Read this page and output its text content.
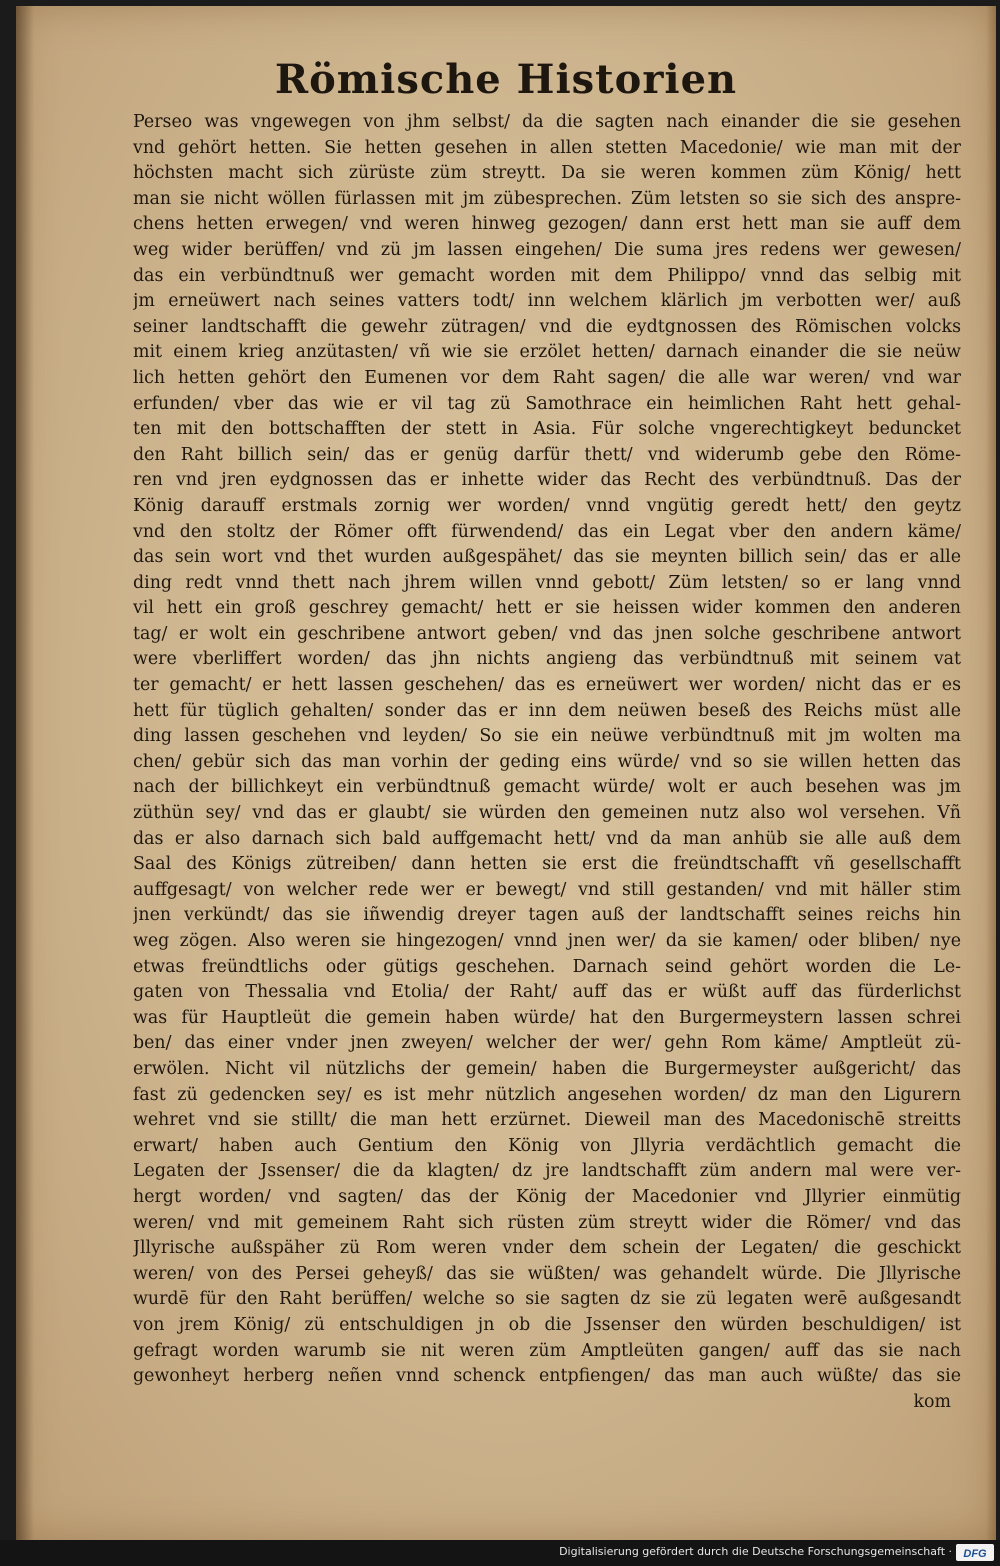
Römische Historien
Perseo was vngewegen von jhm selbst/ da die sagten nach einander die sie gesehen
vnd gehört hetten. Sie hetten gesehen in allen stetten Macedonie/ wie man mit der
höchsten macht sich zürüste züm streytt. Da sie weren kommen züm König/ hett
man sie nicht wöllen fürlassen mit jm zübesprechen. Züm letsten so sie sich des anspre-
chens hetten erwegen/ vnd weren hinweg gezogen/ dann erst hett man sie auff dem
weg wider berüffen/ vnd zü jm lassen eingehen/ Die suma jres redens wer gewesen/
das ein verbündtnuß wer gemacht worden mit dem Philippo/ vnnd das selbig mit
jm erneüwert nach seines vatters todt/ inn welchem klärlich jm verbotten wer/ auß
seiner landtschafft die gewehr zütragen/ vnd die eydtgnossen des Römischen volcks
mit einem krieg anzütasten/ vñ wie sie erzölet hetten/ darnach einander die sie neüw
lich hetten gehört den Eumenen vor dem Raht sagen/ die alle war weren/ vnd war
erfunden/ vber das wie er vil tag zü Samothrace ein heimlichen Raht hett gehal-
ten mit den bottschafften der stett in Asia. Für solche vngerechtigkeyt beduncket
den Raht billich sein/ das er genüg darfür thett/ vnd widerumb gebe den Röme-
ren vnd jren eydgnossen das er inhette wider das Recht des verbündtnuß. Das der
König darauff erstmals zornig wer worden/ vnnd vngütig geredt hett/ den geytz
vnd den stoltz der Römer offt fürwendend/ das ein Legat vber den andern käme/
das sein wort vnd thet wurden außgespähet/ das sie meynten billich sein/ das er alle
ding redt vnnd thett nach jhrem willen vnnd gebott/ Züm letsten/ so er lang vnnd
vil hett ein groß geschrey gemacht/ hett er sie heissen wider kommen den anderen
tag/ er wolt ein geschribene antwort geben/ vnd das jnen solche geschribene antwort
were vberliffert worden/ das jhn nichts angieng das verbündtnuß mit seinem vat
ter gemacht/ er hett lassen geschehen/ das es erneüwert wer worden/ nicht das er es
hett für tüglich gehalten/ sonder das er inn dem neüwen beseß des Reichs müst alle
ding lassen geschehen vnd leyden/ So sie ein neüwe verbündtnuß mit jm wolten ma
chen/ gebür sich das man vorhin der geding eins würde/ vnd so sie willen hetten das
nach der billichkeyt ein verbündtnuß gemacht würde/ wolt er auch besehen was jm
züthün sey/ vnd das er glaubt/ sie würden den gemeinen nutz also wol versehen. Vñ
das er also darnach sich bald auffgemacht hett/ vnd da man anhüb sie alle auß dem
Saal des Königs zütreiben/ dann hetten sie erst die freündtschafft vñ gesellschafft
auffgesagt/ von welcher rede wer er bewegt/ vnd still gestanden/ vnd mit häller stim
jnen verkündt/ das sie iñwendig dreyer tagen auß der landtschafft seines reichs hin
weg zögen. Also weren sie hingezogen/ vnnd jnen wer/ da sie kamen/ oder bliben/ nye
etwas freündtlichs oder gütigs geschehen. Darnach seind gehört worden die Le-
gaten von Thessalia vnd Etolia/ der Raht/ auff das er wüßt auff das fürderlichst
was für Hauptleüt die gemein haben würde/ hat den Burgermeystern lassen schrei
ben/ das einer vnder jnen zweyen/ welcher der wer/ gehn Rom käme/ Amptleüt zü-
erwölen. Nicht vil nützlichs der gemein/ haben die Burgermeyster außgericht/ das
fast zü gedencken sey/ es ist mehr nützlich angesehen worden/ dz man den Ligurern
wehret vnd sie stillt/ die man hett erzürnet. Dieweil man des Macedonischē streitts
erwart/ haben auch Gentium den König von Jllyria verdächtlich gemacht die
Legaten der Jssenser/ die da klagten/ dz jre landtschafft züm andern mal were ver-
hergt worden/ vnd sagten/ das der König der Macedonier vnd Jllyrier einmütig
weren/ vnd mit gemeinem Raht sich rüsten züm streytt wider die Römer/ vnd das
Jllyrische außspäher zü Rom weren vnder dem schein der Legaten/ die geschickt
weren/ von des Persei geheyß/ das sie wüßten/ was gehandelt würde. Die Jllyrische
wurdē für den Raht berüffen/ welche so sie sagten dz sie zü legaten werē außgesandt
von jrem König/ zü entschuldigen jn ob die Jssenser den würden beschuldigen/ ist
gefragt worden warumb sie nit weren züm Amptleüten gangen/ auff das sie nach
gewonheyt herberg neñen vnnd schenck entpfiengen/ das man auch wüßte/ das sie
kom
Digitalisierung gefördert durch die Deutsche Forschungsgemeinschaft · DFG
